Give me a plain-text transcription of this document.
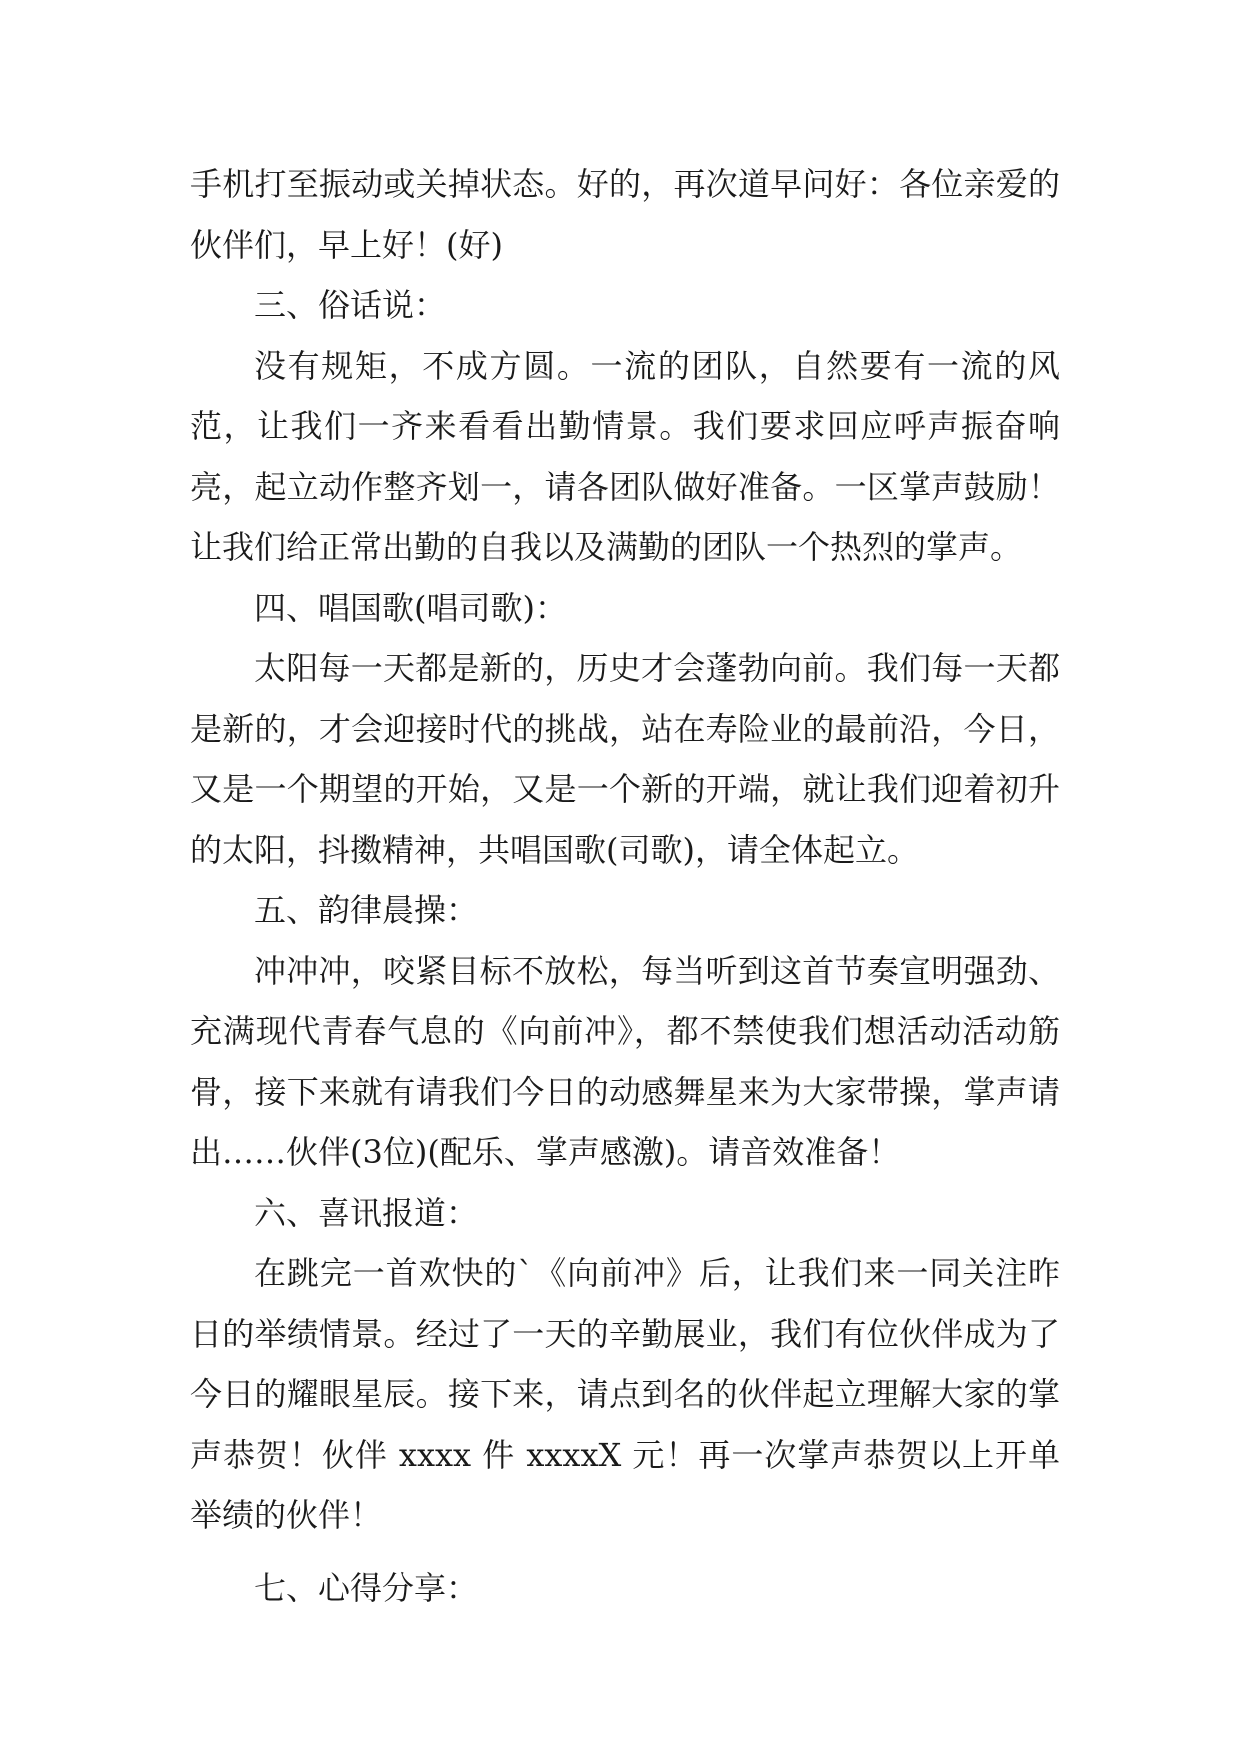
手机打至振动或关掉状态。好的，再次道早问好：各位亲爱的伙伴们，早上好！(好)

三、俗话说：

没有规矩，不成方圆。一流的团队，自然要有一流的风范，让我们一齐来看看出勤情景。我们要求回应呼声振奋响亮，起立动作整齐划一，请各团队做好准备。一区掌声鼓励！让我们给正常出勤的自我以及满勤的团队一个热烈的掌声。

四、唱国歌(唱司歌)：

太阳每一天都是新的，历史才会蓬勃向前。我们每一天都是新的，才会迎接时代的挑战，站在寿险业的最前沿，今日，又是一个期望的开始，又是一个新的开端，就让我们迎着初升的太阳，抖擞精神，共唱国歌(司歌)，请全体起立。

五、韵律晨操：

冲冲冲，咬紧目标不放松，每当听到这首节奏宣明强劲、充满现代青春气息的《向前冲》，都不禁使我们想活动活动筋骨，接下来就有请我们今日的动感舞星来为大家带操，掌声请出……伙伴(3位)(配乐、掌声感激)。请音效准备！

六、喜讯报道：

在跳完一首欢快的`《向前冲》后，让我们来一同关注昨日的举绩情景。经过了一天的辛勤展业，我们有位伙伴成为了今日的耀眼星辰。接下来，请点到名的伙伴起立理解大家的掌声恭贺！伙伴 xxxx 件 xxxxX 元！再一次掌声恭贺以上开单举绩的伙伴！

七、心得分享：
